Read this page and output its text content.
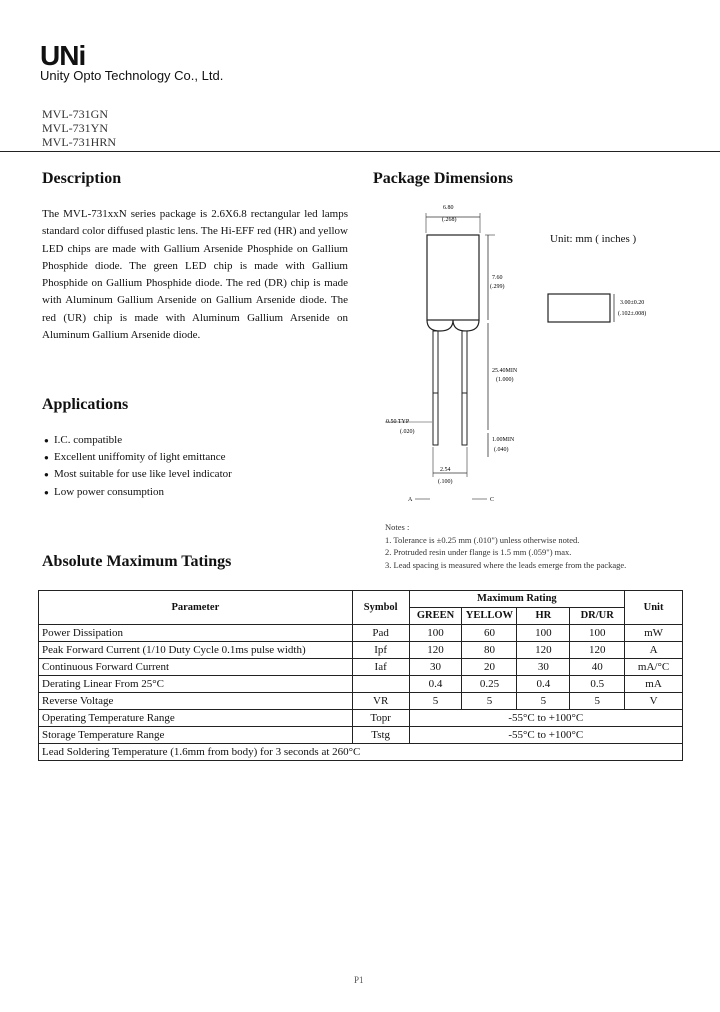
UNi
Unity Opto Technology Co., Ltd.
MVL-731GN
MVL-731YN
MVL-731HRN
Description
The MVL-731xxN series package is 2.6X6.8 rectangular led lamps standard color diffused plastic lens. The Hi-EFF red (HR) and yellow LED chips are made with Gallium Arsenide Phosphide on Gallium Phosphide diode. The green LED chip is made with Gallium Phosphide on Gallium Phosphide diode. The red (DR) chip is made with Aluminum Gallium Arsenide on Gallium Arsenide diode. The red (UR) chip is made with Aluminum Gallium Arsenide on Aluminum Gallium Arsenide diode.
Applications
● I.C. compatible
● Excellent uniffomity of light emittance
● Most suitable for use like level indicator
● Low power consumption
Package Dimensions
Unit: mm ( inches )
6.80
(.268)
7.60
(.299)
25.40MIN
(1.000)
1.00MIN
(.040)
0.50 TYP
(.020)
2.54
(.100)
A	C
3.00±0.20
(.102±.008)
Notes :
1. Tolerance is ±0.25 mm (.010") unless otherwise noted.
2. Protruded resin under flange is 1.5 mm (.059") max.
3. Lead spacing is measured where the leads emerge from the package.
Absolute Maximum Tatings
Parameter	Symbol	Maximum Rating				Unit
		GREEN	YELLOW	HR	DR/UR	
Power Dissipation	Pad	100	60	100	100	mW
Peak Forward Current (1/10 Duty Cycle 0.1ms pulse width)	Ipf	120	80	120	120	A
Continuous Forward Current	Iaf	30	20	30	40	mA/°C
Derating Linear From 25°C		0.4	0.25	0.4	0.5	mA
Reverse Voltage	VR	5	5	5	5	V
Operating Temperature Range	Topr	-55°C to +100°C				
Storage Temperature Range	Tstg	-55°C to +100°C				
Lead Soldering Temperature (1.6mm from body) for 3 seconds at 260°C						
P1
